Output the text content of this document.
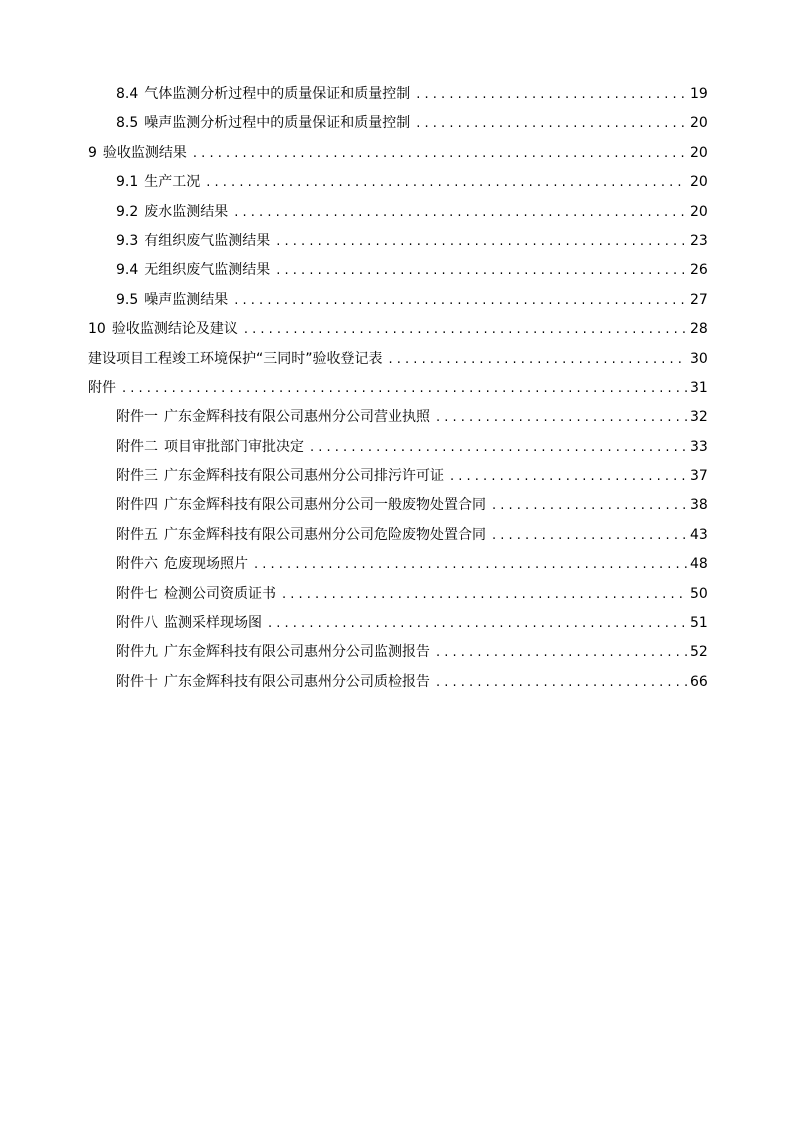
8.4 气体监测分析过程中的质量保证和质量控制 . . .	19
8.5 噪声监测分析过程中的质量保证和质量控制 . . .	20
9 验收监测结果 . . .	20
9.1 生产工况 . . .	20
9.2 废水监测结果 . . .	20
9.3 有组织废气监测结果 . . .	23
9.4 无组织废气监测结果 . . .	26
9.5 噪声监测结果 . . .	27
10 验收监测结论及建议 . . .	28
建设项目工程竣工环境保护“三同时”验收登记表 . . .	30
附件 . . .	31
附件一 广东金辉科技有限公司惠州分公司营业执照 . . .	32
附件二 项目审批部门审批决定 . . .	33
附件三 广东金辉科技有限公司惠州分公司排污许可证 . . .	37
附件四 广东金辉科技有限公司惠州分公司一般废物处置合同 . . .	38
附件五 广东金辉科技有限公司惠州分公司危险废物处置合同 . . .	43
附件六 危废现场照片 . . .	48
附件七 检测公司资质证书 . . .	50
附件八 监测采样现场图 . . .	51
附件九 广东金辉科技有限公司惠州分公司监测报告 . . .	52
附件十 广东金辉科技有限公司惠州分公司质检报告 . . .	66
